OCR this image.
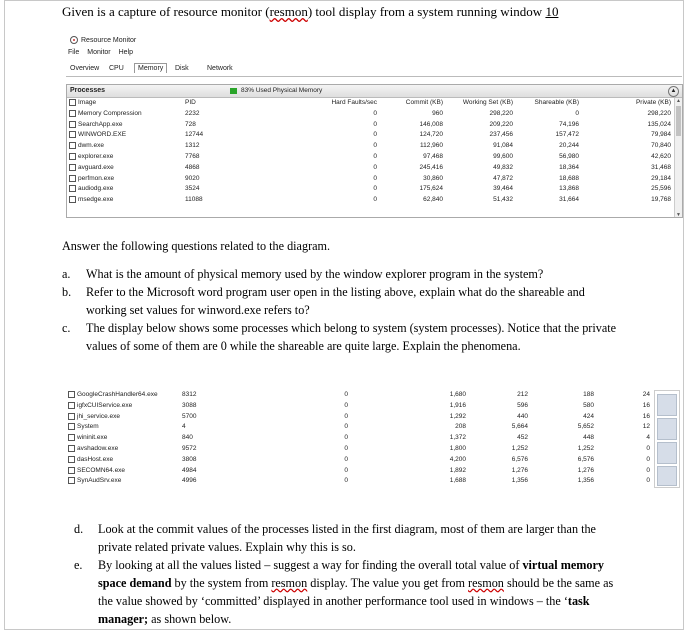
Given is a capture of resource monitor (resmon) tool display from a system running window 10
Resource Monitor
File Monitor Help
Overview	CPU	Memory	Disk	Network
Processes	83% Used Physical Memory	▲
Image	PID	Hard Faults/sec	Commit (KB)	Working Set (KB)	Shareable (KB)	Private (KB)
Memory Compression	2232	0	960	298,220	0	298,220
SearchApp.exe	728	0	146,008	209,220	74,196	135,024
WINWORD.EXE	12744	0	124,720	237,456	157,472	79,984
dwm.exe	1312	0	112,960	91,084	20,244	70,840
explorer.exe	7768	0	97,468	99,600	56,980	42,620
avguard.exe	4868	0	245,416	49,832	18,364	31,468
perfmon.exe	9020	0	30,860	47,872	18,688	29,184
audiodg.exe	3524	0	175,624	39,464	13,868	25,596
msedge.exe	11088	0	62,840	51,432	31,664	19,768
▲
▼
Answer the following questions related to the diagram.
a. What is the amount of physical memory used by the window explorer program in the system?
b. Refer to the Microsoft word program user open in the listing above, explain what do the shareable and working set values for winword.exe refers to?
c. The display below shows some processes which belong to system (system processes). Notice that the private values of some of them are 0 while the shareable are quite large. Explain the phenomena.
GoogleCrashHandler64.exe	8312	0	1,680	212	188	24
igfxCUIService.exe	3088	0	1,916	596	580	16
jhi_service.exe	5700	0	1,292	440	424	16
System	4	0	208	5,664	5,652	12
wininit.exe	840	0	1,372	452	448	4
avshadow.exe	9572	0	1,800	1,252	1,252	0
dasHost.exe	3808	0	4,200	6,576	6,576	0
SECOMN64.exe	4984	0	1,892	1,276	1,276	0
SynAudSrv.exe	4996	0	1,688	1,356	1,356	0
d. Look at the commit values of the processes listed in the first diagram, most of them are larger than the private related private values. Explain why this is so.
e. By looking at all the values listed – suggest a way for finding the overall total value of virtual memory space demand by the system from resmon display. The value you get from resmon should be the same as the value showed by ‘committed’ displayed in another performance tool used in windows – the ‘task manager; as shown below.
